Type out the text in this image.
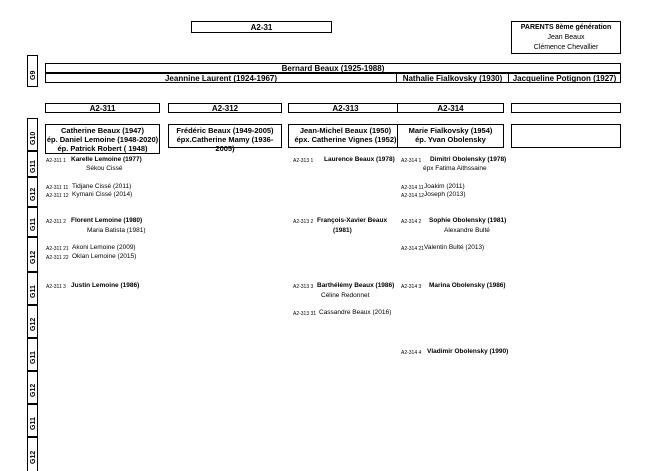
A2-31	PARENTS 8ème génération
Jean Beaux
Clémence Chevallier
G9
G10
G11
G12
G11
G12
G11
G12
G11
G12
G11
G12
Bernard Beaux (1925-1988)
Jeannine Laurent (1924-1967)	Nathalie Fialkovsky (1930) Jacqueline Potignon (1927)
A2-311	A2-312	A2-313	A2-314
Catherine Beaux (1947)
ép. Daniel Lemoine (1948-2020)
ép. Patrick Robert ( 1948)
Frédéric Beaux (1949-2005)
épx.Catherine Mamy (1936-2005)
Jean-Michel Beaux (1950)
épx. Catherine Vignes (1952)
Marie Fialkovsky (1954)
ép. Yvan Obolensky
A2-311 1 Karelle Lemoine (1977)
Sékou Cissé
A2-311 11 Tidjane Cissé (2011)
A2-311 12 Kymani Cissé (2014)
A2-311 2 Florent Lemoine (1980)
Maria Batista (1981)
A2-311 21 Akoni Lemoine (2009)
A2-311 22 Oklan Lemoine (2015)
A2-311 3 Justin Lemoine (1986)
A2-313 1 Laurence Beaux (1978)
A2-313 2 François-Xavier Beaux
(1981)
A2-313 3 Barthélémy Beaux (1986)
Céline Redonnet
A2-313 31 Cassandre Beaux (2016)
A2-314 1 Dimitri Obolensky (1978)
épx Fatima Aithssaine
A2-314 11 Joakim (2011)
A2-314 12 Joseph (2013)
A2-314 2 Sophie Obolensky (1981)
Alexandre Bulté
A2-314 21 Valentin Bulté (2013)
A2-314 3 Marina Obolensky (1986)
A2-314 4 Vladimir Obolensky (1990)
